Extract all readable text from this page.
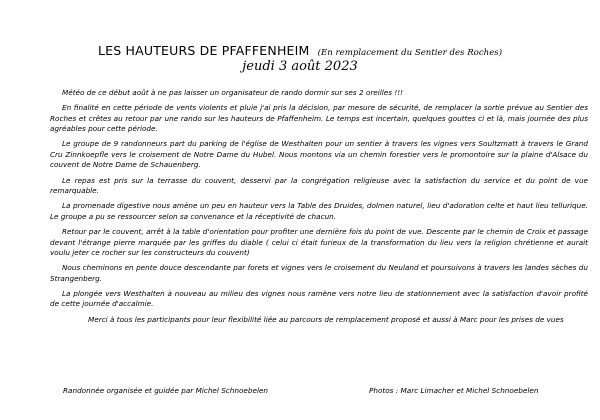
LES HAUTEURS DE PFAFFENHEIM (En remplacement du Sentier des Roches)
jeudi 3 août 2023

Météo de ce début août à ne pas laisser un organisateur de rando dormir sur ses 2 oreilles !!!

En finalité en cette période de vents violents et pluie j'ai pris la décision, par mesure de sécurité, de remplacer la sortie prévue au Sentier des Roches et crêtes au retour par une rando sur les hauteurs de Pfaffenheim. Le temps est incertain, quelques gouttes ci et là, mais journée des plus agréables pour cette période.

Le groupe de 9 randonneurs part du parking de l'église de Westhalten pour un sentier à travers les vignes vers Soultzmatt à travers le Grand Cru Zinnkoepfle vers le croisement de Notre Dame du Hubel. Nous montons via un chemin forestier vers le promontoire sur la plaine d'Alsace du couvent de Notre Dame de Schauenberg.

Le repas est pris sur la terrasse du couvent, desservi par la congrégation religieuse avec la satisfaction du service et du point de vue remarquable.

La promenade digestive nous amène un peu en hauteur vers la Table des Druides, dolmen naturel, lieu d'adoration celte et haut lieu tellurique. Le groupe a pu se ressourcer selon sa convenance et la réceptivité de chacun.

Retour par le couvent, arrêt à la table d'orientation pour profiter une dernière fois du point de vue. Descente par le chemin de Croix et passage devant l'étrange pierre marquée par les griffes du diable ( celui ci était furieux de la transformation du lieu vers la religion chrétienne et aurait voulu jeter ce rocher sur les constructeurs du couvent)

Nous cheminons en pente douce descendante par forets et vignes vers le croisement du Neuland et poursuivons à travers les landes sèches du Strangenberg.

La plongée vers Westhalten à nouveau au milieu des vignes nous ramène vers notre lieu de stationnement avec la satisfaction d'avoir profité de cette journée d'accalmie.

Merci à tous les participants pour leur flexibilité liée au parcours de remplacement proposé et aussi à Marc pour les prises de vues

Randonnée organisée et guidée par Michel Schnoebelen	Photos : Marc Limacher et Michel Schnoebelen
